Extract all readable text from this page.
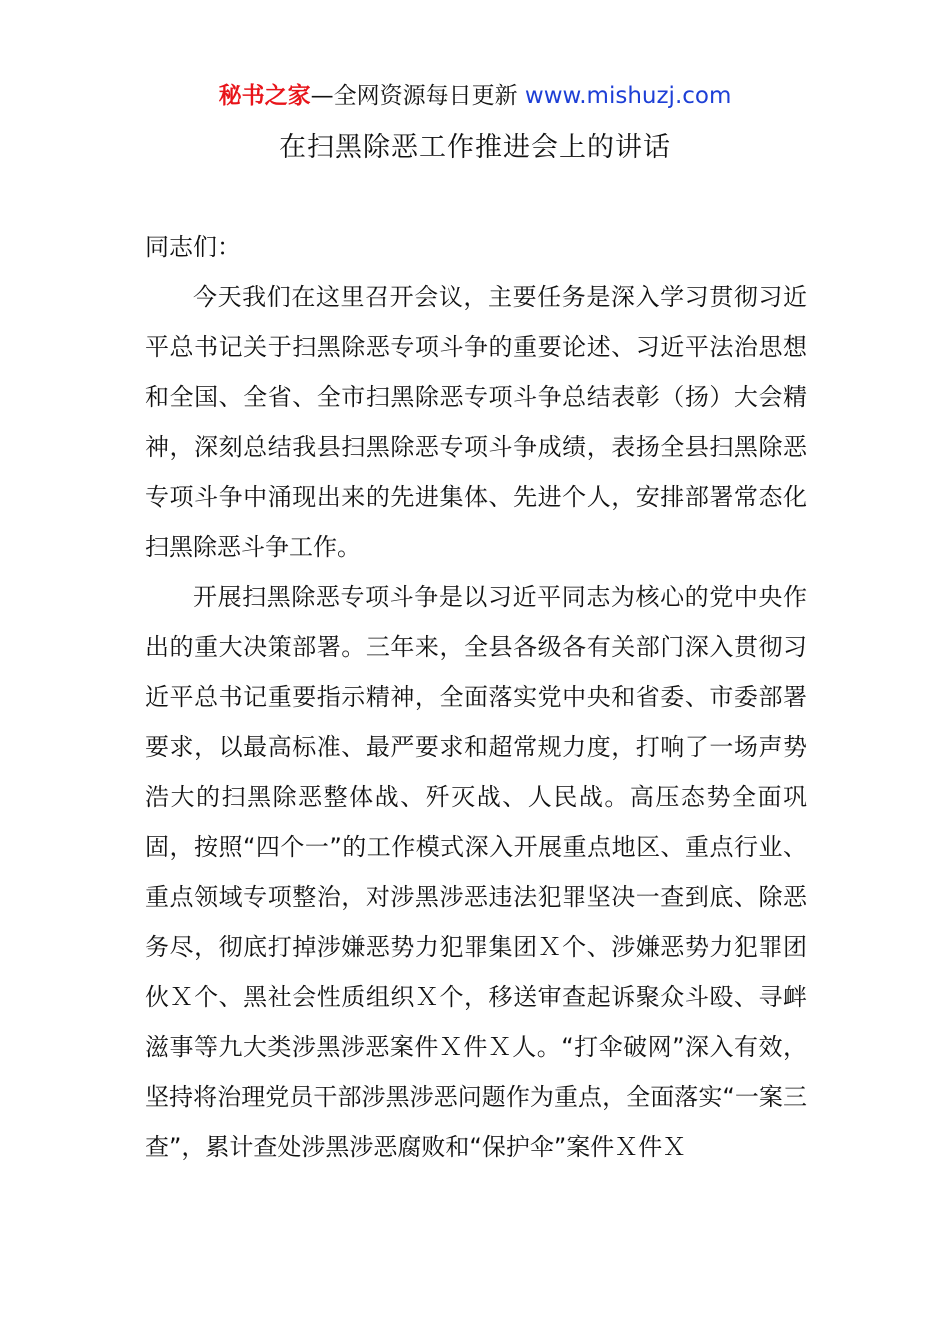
秘书之家—全网资源每日更新 www.mishuzj.com
在扫黑除恶工作推进会上的讲话

同志们：

今天我们在这里召开会议，主要任务是深入学习贯彻习近平总书记关于扫黑除恶专项斗争的重要论述、习近平法治思想和全国、全省、全市扫黑除恶专项斗争总结表彰（扬）大会精神，深刻总结我县扫黑除恶专项斗争成绩，表扬全县扫黑除恶专项斗争中涌现出来的先进集体、先进个人，安排部署常态化扫黑除恶斗争工作。

开展扫黑除恶专项斗争是以习近平同志为核心的党中央作出的重大决策部署。三年来，全县各级各有关部门深入贯彻习近平总书记重要指示精神，全面落实党中央和省委、市委部署要求，以最高标准、最严要求和超常规力度，打响了一场声势浩大的扫黑除恶整体战、歼灭战、人民战。高压态势全面巩固，按照“四个一”的工作模式深入开展重点地区、重点行业、重点领域专项整治，对涉黑涉恶违法犯罪坚决一查到底、除恶务尽，彻底打掉涉嫌恶势力犯罪集团Ｘ个、涉嫌恶势力犯罪团伙Ｘ个、黑社会性质组织Ｘ个，移送审查起诉聚众斗殴、寻衅滋事等九大类涉黑涉恶案件Ｘ件Ｘ人。“打伞破网”深入有效，坚持将治理党员干部涉黑涉恶问题作为重点，全面落实“一案三查”，累计查处涉黑涉恶腐败和“保护伞”案件Ｘ件Ｘ
